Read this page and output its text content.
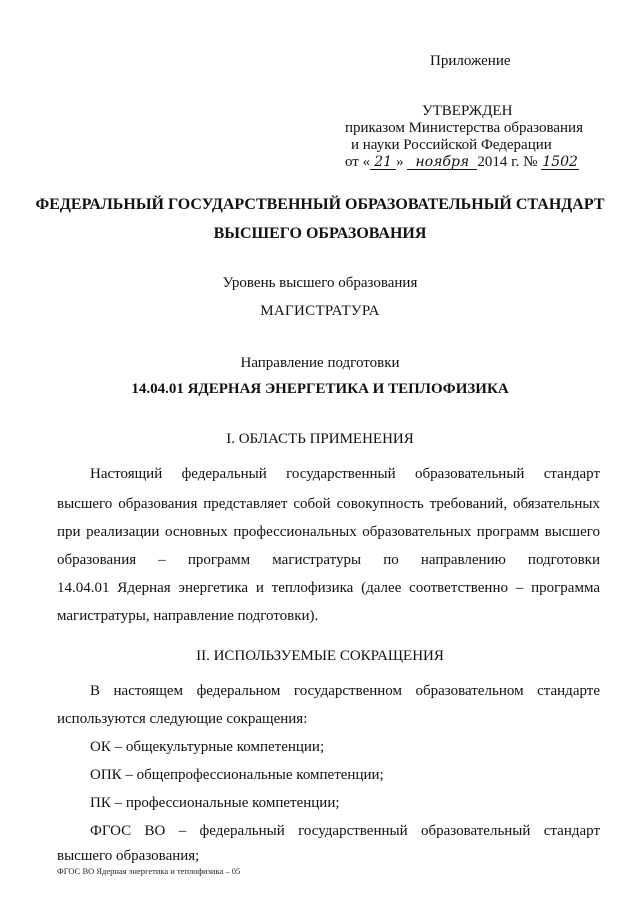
Приложение
УТВЕРЖДЕН
приказом Министерства образования
и науки Российской Федерации
от « 21 » ноября 2014 г. № 1502
ФЕДЕРАЛЬНЫЙ ГОСУДАРСТВЕННЫЙ ОБРАЗОВАТЕЛЬНЫЙ СТАНДАРТ
ВЫСШЕГО ОБРАЗОВАНИЯ
Уровень высшего образования
МАГИСТРАТУРА
Направление подготовки
14.04.01 ЯДЕРНАЯ ЭНЕРГЕТИКА И ТЕПЛОФИЗИКА
I. ОБЛАСТЬ ПРИМЕНЕНИЯ
Настоящий федеральный государственный образовательный стандарт
высшего образования представляет собой совокупность требований, обязательных
при реализации основных профессиональных образовательных программ высшего
образования – программ магистратуры по направлению подготовки
14.04.01 Ядерная энергетика и теплофизика (далее соответственно – программа
магистратуры, направление подготовки).
II. ИСПОЛЬЗУЕМЫЕ СОКРАЩЕНИЯ
В настоящем федеральном государственном образовательном стандарте
используются следующие сокращения:
ОК – общекультурные компетенции;
ОПК – общепрофессиональные компетенции;
ПК – профессиональные компетенции;
ФГОС ВО – федеральный государственный образовательный стандарт
высшего образования;
ФГОС ВО Ядерная энергетика и теплофизика – 05
